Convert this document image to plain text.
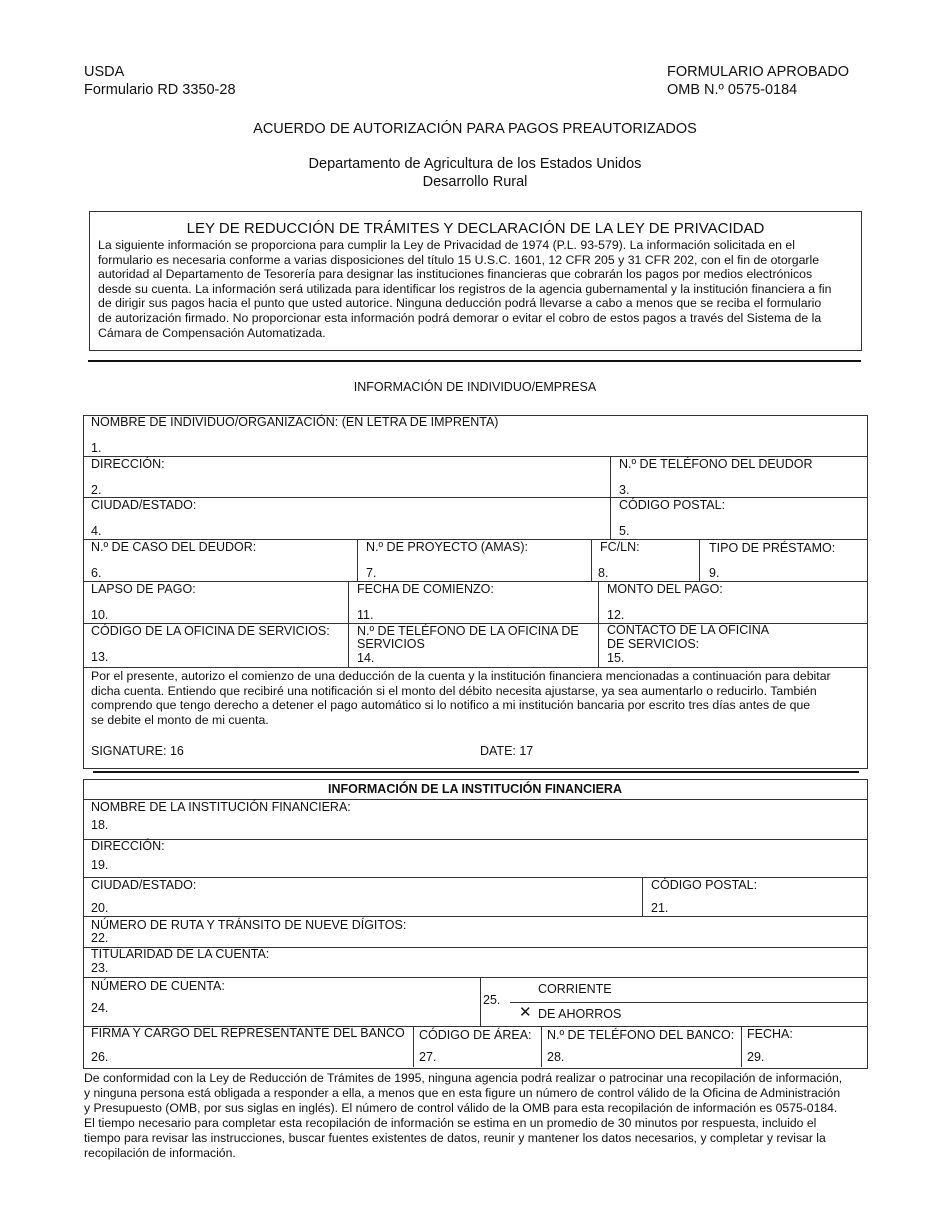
USDA
Formulario RD 3350-28
FORMULARIO APROBADO
OMB N.º 0575-0184
ACUERDO DE AUTORIZACIÓN PARA PAGOS PREAUTORIZADOS
Departamento de Agricultura de los Estados Unidos
Desarrollo Rural
LEY DE REDUCCIÓN DE TRÁMITES Y DECLARACIÓN DE LA LEY DE PRIVACIDAD
La siguiente información se proporciona para cumplir la Ley de Privacidad de 1974 (P.L. 93-579). La información solicitada en el
formulario es necesaria conforme a varias disposiciones del título 15 U.S.C. 1601, 12 CFR 205 y 31 CFR 202, con el fin de otorgarle
autoridad al Departamento de Tesorería para designar las instituciones financieras que cobrarán los pagos por medios electrónicos
desde su cuenta. La información será utilizada para identificar los registros de la agencia gubernamental y la institución financiera a fin
de dirigir sus pagos hacia el punto que usted autorice. Ninguna deducción podrá llevarse a cabo a menos que se reciba el formulario
de autorización firmado. No proporcionar esta información podrá demorar o evitar el cobro de estos pagos a través del Sistema de la
Cámara de Compensación Automatizada.
INFORMACIÓN DE INDIVIDUO/EMPRESA
NOMBRE DE INDIVIDUO/ORGANIZACIÓN: (EN LETRA DE IMPRENTA)
1.
DIRECCIÓN:
2.
N.º DE TELÉFONO DEL DEUDOR
3.
CIUDAD/ESTADO:
4.
CÓDIGO POSTAL:
5.
N.º DE CASO DEL DEUDOR:
6.
N.º DE PROYECTO (AMAS):
7.
FC/LN:
8.
TIPO DE PRÉSTAMO:
9.
LAPSO DE PAGO:
10.
FECHA DE COMIENZO:
11.
MONTO DEL PAGO:
12.
CÓDIGO DE LA OFICINA DE SERVICIOS:
13.
N.º DE TELÉFONO DE LA OFICINA DE
SERVICIOS
14.
CONTACTO DE LA OFICINA
DE SERVICIOS:
15.
Por el presente, autorizo el comienzo de una deducción de la cuenta y la institución financiera mencionadas a continuación para debitar
dicha cuenta. Entiendo que recibiré una notificación si el monto del débito necesita ajustarse, ya sea aumentarlo o reducirlo. También
comprendo que tengo derecho a detener el pago automático si lo notifico a mi institución bancaria por escrito tres días antes de que
se debite el monto de mi cuenta.
SIGNATURE: 16	DATE: 17
INFORMACIÓN DE LA INSTITUCIÓN FINANCIERA
NOMBRE DE LA INSTITUCIÓN FINANCIERA:
18.
DIRECCIÓN:
19.
CIUDAD/ESTADO:
20.
CÓDIGO POSTAL:
21.
NÚMERO DE RUTA Y TRÁNSITO DE NUEVE DÍGITOS:
22.
TITULARIDAD DE LA CUENTA:
23.
NÚMERO DE CUENTA:
24.
25.
CORRIENTE
✕ DE AHORROS
FIRMA Y CARGO DEL REPRESENTANTE DEL BANCO
26.
CÓDIGO DE ÁREA:
27.
N.º DE TELÉFONO DEL BANCO:
28.
FECHA:
29.
De conformidad con la Ley de Reducción de Trámites de 1995, ninguna agencia podrá realizar o patrocinar una recopilación de información,
y ninguna persona está obligada a responder a ella, a menos que en esta figure un número de control válido de la Oficina de Administración
y Presupuesto (OMB, por sus siglas en inglés). El número de control válido de la OMB para esta recopilación de información es 0575-0184.
El tiempo necesario para completar esta recopilación de información se estima en un promedio de 30 minutos por respuesta, incluido el
tiempo para revisar las instrucciones, buscar fuentes existentes de datos, reunir y mantener los datos necesarios, y completar y revisar la
recopilación de información.
